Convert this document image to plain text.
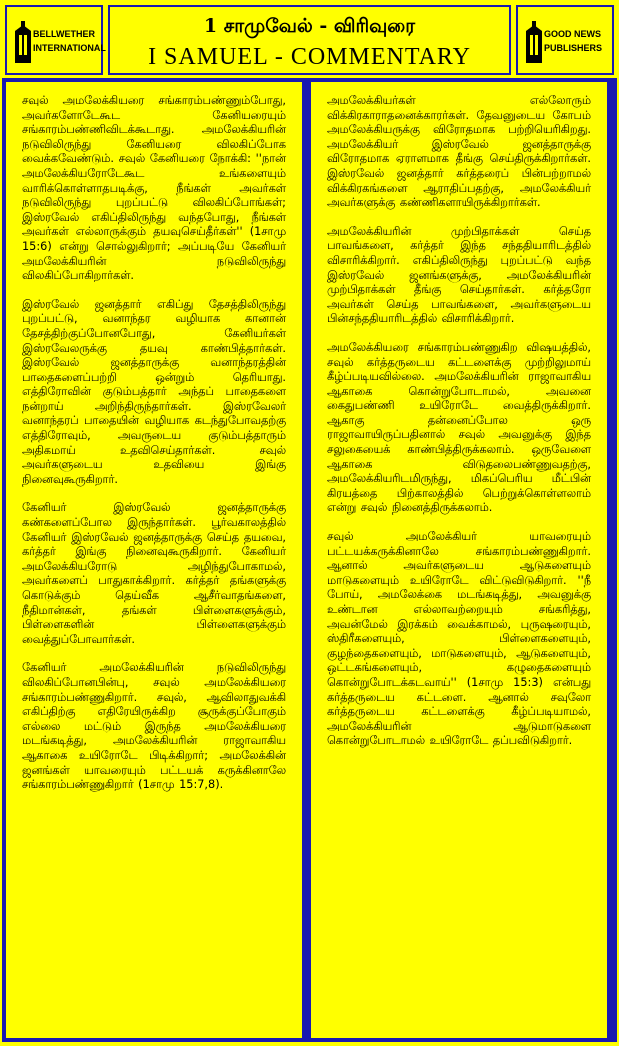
BELLWETHER
INTERNATIONAL
1 சாமுவேல் - விரிவுரை
I SAMUEL - COMMENTARY
GOOD NEWS
PUBLISHERS

சவுல் அமலேக்கியரை சங்காரம்பண்ணும்போது, அவர்களோடேகூட கேனியரையும் சங்காரம்பண்ணிவிடக்கூடாது. அமலேக்கியரின் நடுவிலிருந்து கேனியரை விலகிப்போக வைக்கவேண்டும். சவுல் கேனியரை நோக்கி: ''நான் அமலேக்கியரோடேகூட உங்களையும் வாரிக்கொள்ளாதபடிக்கு, நீங்கள் அவர்கள் நடுவிலிருந்து புறப்பட்டு விலகிப்போங்கள்; இஸ்ரவேல் எகிப்திலிருந்து வந்தபோது, நீங்கள் அவர்கள் எல்லாருக்கும் தயவுசெய்தீர்கள்'' (1சாமு 15:6) என்று சொல்லுகிறார்; அப்படியே கேனியர் அமலேக்கியரின் நடுவிலிருந்து விலகிப்போகிறார்கள்.

இஸ்ரவேல் ஜனத்தார் எகிப்து தேசத்திலிருந்து புறப்பட்டு, வனாந்தர வழியாக கானான் தேசத்திற்குப்போனபோது, கேனியர்கள் இஸ்ரவேலருக்கு தயவு காண்பித்தார்கள். இஸ்ரவேல் ஜனத்தாருக்கு வனாந்தரத்தின் பாதைகளைப்பற்றி ஒன்றும் தெரியாது. எத்திரோவின் குடும்பத்தார் அந்தப் பாதைகளை நன்றாய் அறிந்திருந்தார்கள். இஸ்ரவேலர் வனாந்தரப் பாதையின் வழியாக கடந்துபோவதற்கு எத்திரோவும், அவருடைய குடும்பத்தாரும் அதிகமாய் உதவிசெய்தார்கள். சவுல் அவர்களுடைய உதவியை இங்கு நினைவுகூருகிறார்.

கேனியர் இஸ்ரவேல் ஜனத்தாருக்கு கண்களைப்போல இருந்தார்கள். பூர்வகாலத்தில் கேனியர் இஸ்ரவேல் ஜனத்தாருக்கு செய்த தயவை, கர்த்தர் இங்கு நினைவுகூருகிறார். கேனியர் அமலேக்கியரோடு அழிந்துபோகாமல், அவர்களைப் பாதுகாக்கிறார். கர்த்தர் தங்களுக்கு கொடுக்கும் தெய்வீக ஆசீர்வாதங்களை, நீதிமான்கள், தங்கள் பிள்ளைகளுக்கும், பிள்ளைகளின் பிள்ளைகளுக்கும் வைத்துப்போவார்கள்.

கேனியர் அமலேக்கியரின் நடுவிலிருந்து விலகிப்போனபின்பு, சவுல் அமலேக்கியரை சங்காரம்பண்ணுகிறார். சவுல், ஆவிலாதுவக்கி எகிப்திற்கு எதிரேயிருக்கிற சூருக்குப்போகும் எல்லை மட்டும் இருந்த அமலேக்கியரை மடங்கடித்து, அமலேக்கியரின் ராஜாவாகிய ஆகாகை உயிரோடே பிடிக்கிறார்; அமலேக்கின் ஜனங்கள் யாவரையும் பட்டயக் கருக்கினாலே சங்காரம்பண்ணுகிறார் (1சாமு 15:7,8).

அமலேக்கியர்கள் எல்லோரும் விக்கிரகாராதனைக்காரர்கள். தேவனுடைய கோபம் அமலேக்கியருக்கு விரோதமாக பற்றியெரிகிறது. அமலேக்கியர் இஸ்ரவேல் ஜனத்தாருக்கு விரோதமாக ஏராளமாக தீங்கு செய்திருக்கிறார்கள். இஸ்ரவேல் ஜனத்தார் கர்த்தரைப் பின்பற்றாமல் விக்கிரகங்களை ஆராதிப்பதற்கு, அமலேக்கியர் அவர்களுக்கு கண்ணிகளாயிருக்கிறார்கள்.

அமலேக்கியரின் முற்பிதாக்கள் செய்த பாவங்களை, கர்த்தர் இந்த சந்ததியாரிடத்தில் விசாரிக்கிறார். எகிப்திலிருந்து புறப்பட்டு வந்த இஸ்ரவேல் ஜனங்களுக்கு, அமலேக்கியரின் முற்பிதாக்கள் தீங்கு செய்தார்கள். கர்த்தரோ அவர்கள் செய்த பாவங்களை, அவர்களுடைய பின்சந்ததியாரிடத்தில் விசாரிக்கிறார்.

அமலேக்கியரை சங்காரம்பண்ணுகிற விஷயத்தில், சவுல் கர்த்தருடைய கட்டளைக்கு முற்றிலுமாய் கீழ்ப்படியவில்லை. அமலேக்கியரின் ராஜாவாகிய ஆகாகை கொன்றுபோடாமல், அவனை கைதுபண்ணி உயிரோடே வைத்திருக்கிறார். ஆகாகு தன்னைப்போல ஒரு ராஜாவாயிருப்பதினால் சவுல் அவனுக்கு இந்த சலுகையைக் காண்பித்திருக்கலாம். ஒருவேளை ஆகாகை விடுதலைபண்ணுவதற்கு, அமலேக்கியரிடமிருந்து, மிகப்பெரிய மீட்பின் கிரயத்தை பிற்காலத்தில் பெற்றுக்கொள்ளலாம் என்று சவுல் நினைத்திருக்கலாம்.

சவுல் அமலேக்கியர் யாவரையும் பட்டயக்கருக்கினாலே சங்காரம்பண்ணுகிறார். ஆனால் அவர்களுடைய ஆடுகளையும் மாடுகளையும் உயிரோடே விட்டுவிடுகிறார். ''நீ போய், அமலேக்கை மடங்கடித்து, அவனுக்கு உண்டான எல்லாவற்றையும் சங்கரித்து, அவன்மேல் இரக்கம் வைக்காமல், புருஷரையும், ஸ்திரீகளையும், பிள்ளைகளையும், குழந்தைகளையும், மாடுகளையும், ஆடுகளையும், ஒட்டகங்களையும், கழுதைகளையும் கொன்றுபோடக்கடவாய்'' (1சாமு 15:3) என்பது கர்த்தருடைய கட்டளை. ஆனால் சவுலோ கர்த்தருடைய கட்டளைக்கு கீழ்ப்படியாமல், அமலேக்கியரின் ஆடுமாடுகளை கொன்றுபோடாமல் உயிரோடே தப்பவிடுகிறார்.
